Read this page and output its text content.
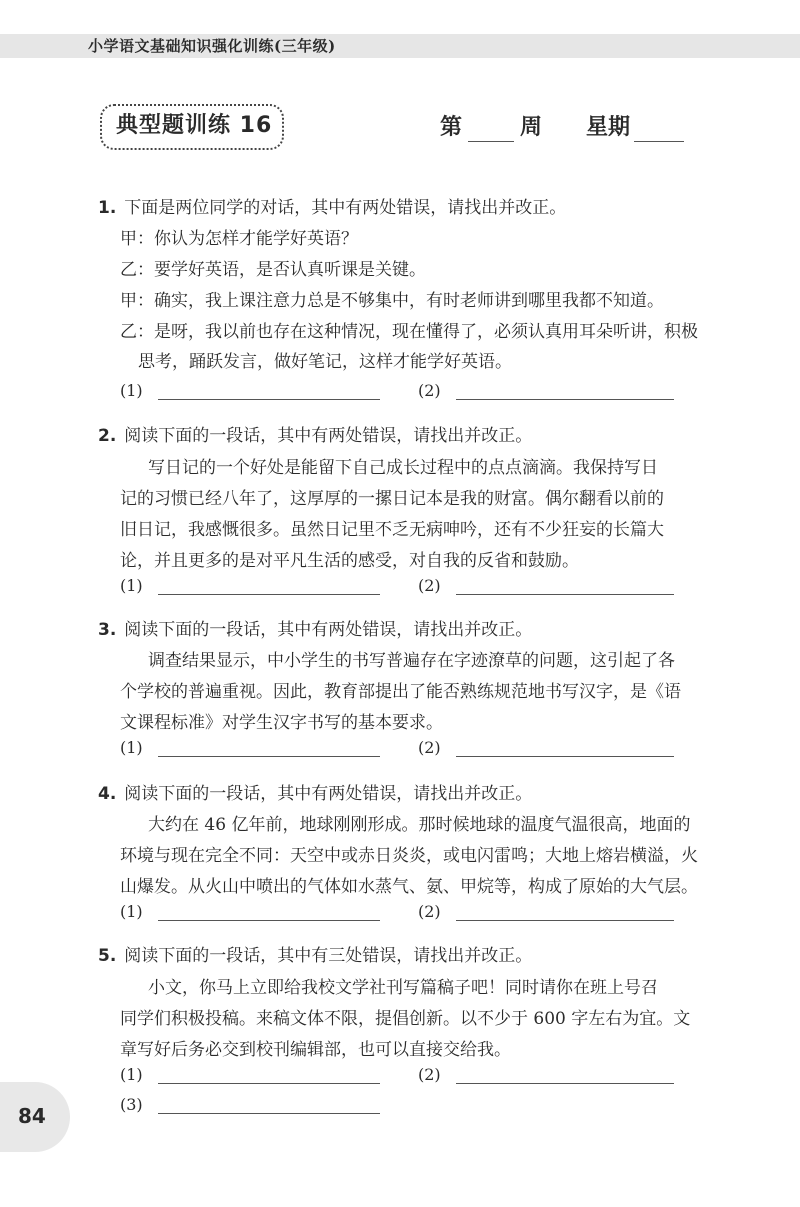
小学语文基础知识强化训练(三年级)
典型题训练 16	第	周 星期
1. 下面是两位同学的对话，其中有两处错误，请找出并改正。
甲：你认为怎样才能学好英语？
乙：要学好英语，是否认真听课是关键。
甲：确实，我上课注意力总是不够集中，有时老师讲到哪里我都不知道。
乙：是呀，我以前也存在这种情况，现在懂得了，必须认真用耳朵听讲，积极
思考，踊跃发言，做好笔记，这样才能学好英语。
(1)	(2)
2. 阅读下面的一段话，其中有两处错误，请找出并改正。
写日记的一个好处是能留下自己成长过程中的点点滴滴。我保持写日
记的习惯已经八年了，这厚厚的一摞日记本是我的财富。偶尔翻看以前的
旧日记，我感慨很多。虽然日记里不乏无病呻吟，还有不少狂妄的长篇大
论，并且更多的是对平凡生活的感受，对自我的反省和鼓励。
(1)	(2)
3. 阅读下面的一段话，其中有两处错误，请找出并改正。
调查结果显示，中小学生的书写普遍存在字迹潦草的问题，这引起了各
个学校的普遍重视。因此，教育部提出了能否熟练规范地书写汉字，是《语
文课程标准》对学生汉字书写的基本要求。
(1)	(2)
4. 阅读下面的一段话，其中有两处错误，请找出并改正。
大约在 46 亿年前，地球刚刚形成。那时候地球的温度气温很高，地面的
环境与现在完全不同：天空中或赤日炎炎，或电闪雷鸣；大地上熔岩横溢，火
山爆发。从火山中喷出的气体如水蒸气、氨、甲烷等，构成了原始的大气层。
(1)	(2)
5. 阅读下面的一段话，其中有三处错误，请找出并改正。
小文，你马上立即给我校文学社刊写篇稿子吧！同时请你在班上号召
同学们积极投稿。来稿文体不限，提倡创新。以不少于 600 字左右为宜。文
章写好后务必交到校刊编辑部，也可以直接交给我。
(1)	(2)
(3)
84
